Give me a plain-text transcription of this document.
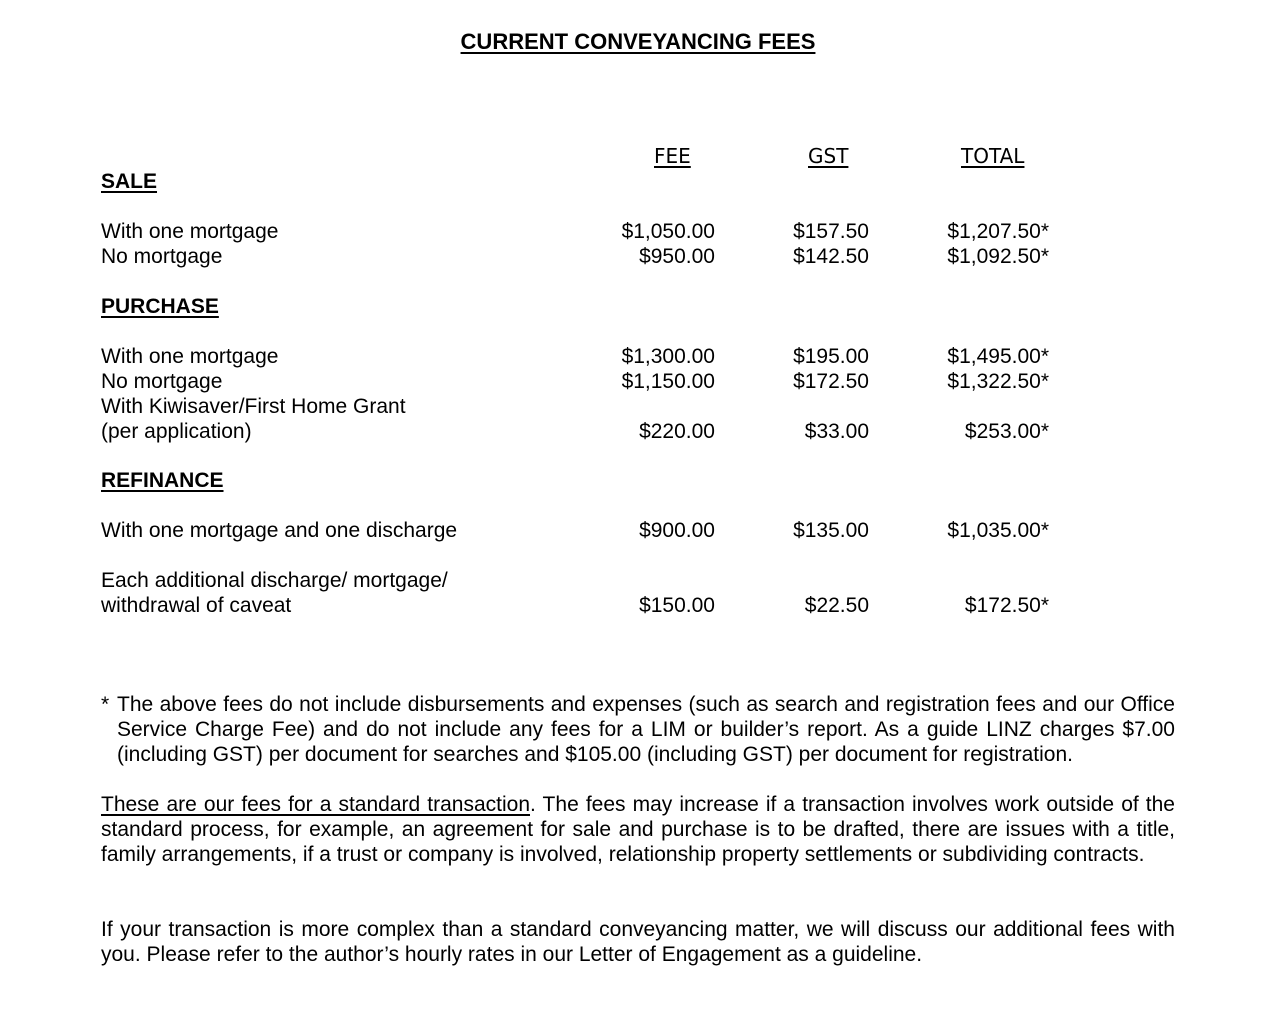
CURRENT CONVEYANCING FEES
FEE	GST	TOTAL
SALE
With one mortgage	$1,050.00	$157.50	$1,207.50*
No mortgage	$950.00	$142.50	$1,092.50*
PURCHASE
With one mortgage	$1,300.00	$195.00	$1,495.00*
No mortgage	$1,150.00	$172.50	$1,322.50*
With Kiwisaver/First Home Grant
(per application)	$220.00	$33.00	$253.00*
REFINANCE
With one mortgage and one discharge	$900.00	$135.00	$1,035.00*
Each additional discharge/ mortgage/
withdrawal of caveat	$150.00	$22.50	$172.50*
* The above fees do not include disbursements and expenses (such as search and registration fees and our Office Service Charge Fee) and do not include any fees for a LIM or builder’s report. As a guide LINZ charges $7.00 (including GST) per document for searches and $105.00 (including GST) per document for registration.
These are our fees for a standard transaction. The fees may increase if a transaction involves work outside of the standard process, for example, an agreement for sale and purchase is to be drafted, there are issues with a title, family arrangements, if a trust or company is involved, relationship property settlements or subdividing contracts.
If your transaction is more complex than a standard conveyancing matter, we will discuss our additional fees with you. Please refer to the author’s hourly rates in our Letter of Engagement as a guideline.
